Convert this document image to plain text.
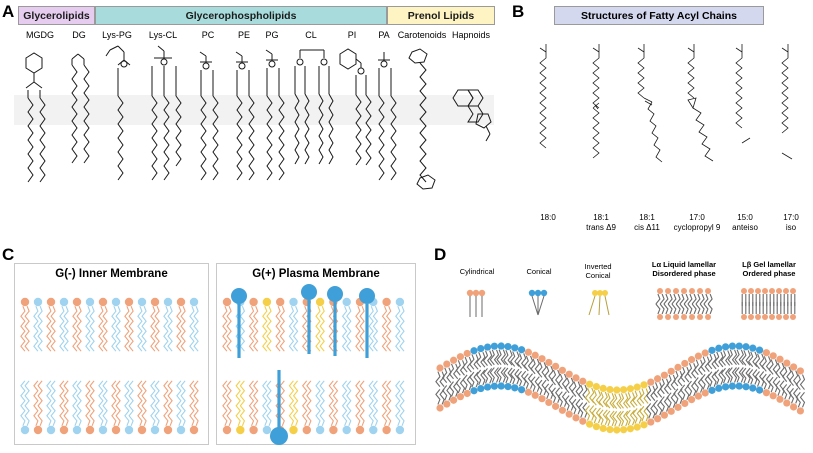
A Glycerolipids	Glycerophospholipids	Prenol Lipids
MGDG DG Lys-PG Lys-CL	PC	PE PG	CL	PI PA Carotenoids Hapnoids
B	Structures of Fatty Acyl Chains
18:0	18:1
trans Δ9
18:1
cis Δ11
17:0
cyclopropyl 9
15:0
anteiso
17:0
iso
C
G(-) Inner Membrane	G(+) Plasma Membrane
D
Cylindrical	Conical
Inverted
Conical
Lα Liquid lamellar
Disordered phase
Lβ Gel lamellar
Ordered phase
